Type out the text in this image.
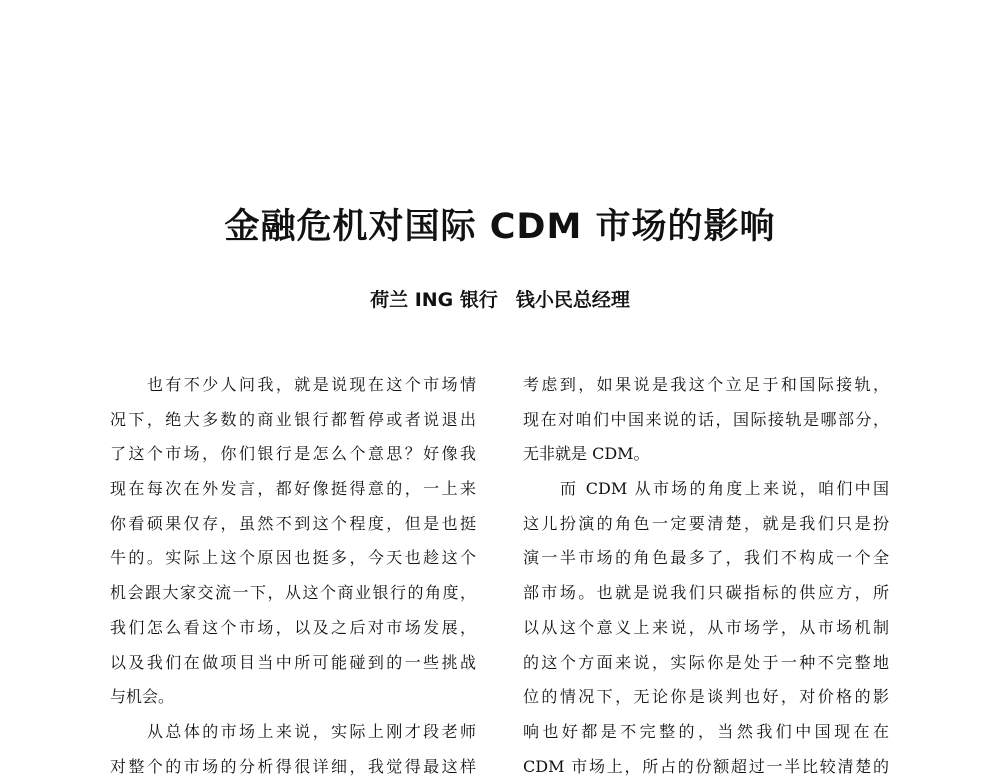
金融危机对国际 CDM 市场的影响
荷兰 ING 银行 钱小民总经理
也有不少人问我，就是说现在这个市场情
况下，绝大多数的商业银行都暂停或者说退出
了这个市场，你们银行是怎么个意思？好像我
现在每次在外发言，都好像挺得意的，一上来
你看硕果仅存，虽然不到这个程度，但是也挺
牛的。实际上这个原因也挺多，今天也趁这个
机会跟大家交流一下，从这个商业银行的角度，
我们怎么看这个市场，以及之后对市场发展，
以及我们在做项目当中所可能碰到的一些挑战
与机会。
从总体的市场上来说，实际上刚才段老师
对整个的市场的分析得很详细，我觉得最这样
考虑到，如果说是我这个立足于和国际接轨，
现在对咱们中国来说的话，国际接轨是哪部分，
无非就是 CDM。
而 CDM 从市场的角度上来说，咱们中国
这儿扮演的角色一定要清楚，就是我们只是扮
演一半市场的角色最多了，我们不构成一个全
部市场。也就是说我们只碳指标的供应方，所
以从这个意义上来说，从市场学，从市场机制
的这个方面来说，实际你是处于一种不完整地
位的情况下，无论你是谈判也好，对价格的影
响也好都是不完整的，当然我们中国现在在
CDM 市场上，所占的份额超过一半比较清楚的
